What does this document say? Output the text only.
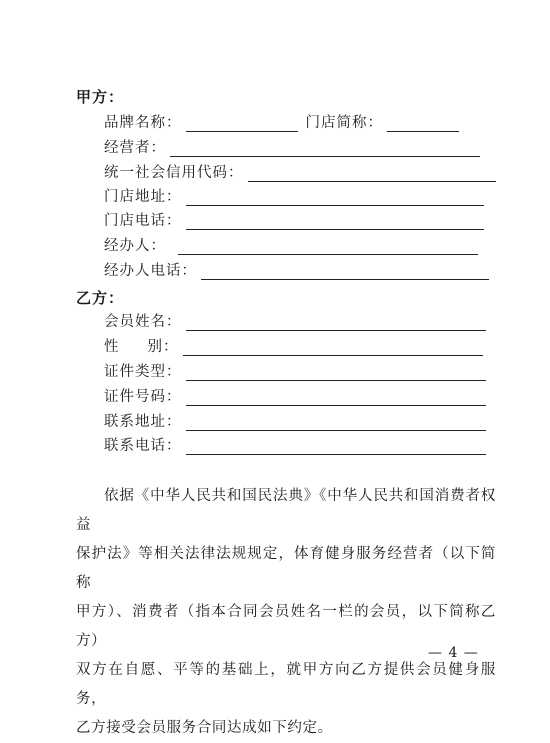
甲方：
品牌名称：	门店简称：
经营者：
统一社会信用代码：
门店地址：
门店电话：
经办人：
经办人电话：
乙方：
会员姓名：
性 别：
证件类型：
证件号码：
联系地址：
联系电话：

依据《中华人民共和国民法典》《中华人民共和国消费者权益

保护法》等相关法律法规规定，体育健身服务经营者（以下简称

甲方）、消费者（指本合同会员姓名一栏的会员，以下简称乙方）

双方在自愿、平等的基础上，就甲方向乙方提供会员健身服务，

乙方接受会员服务合同达成如下约定。

— 4 —
